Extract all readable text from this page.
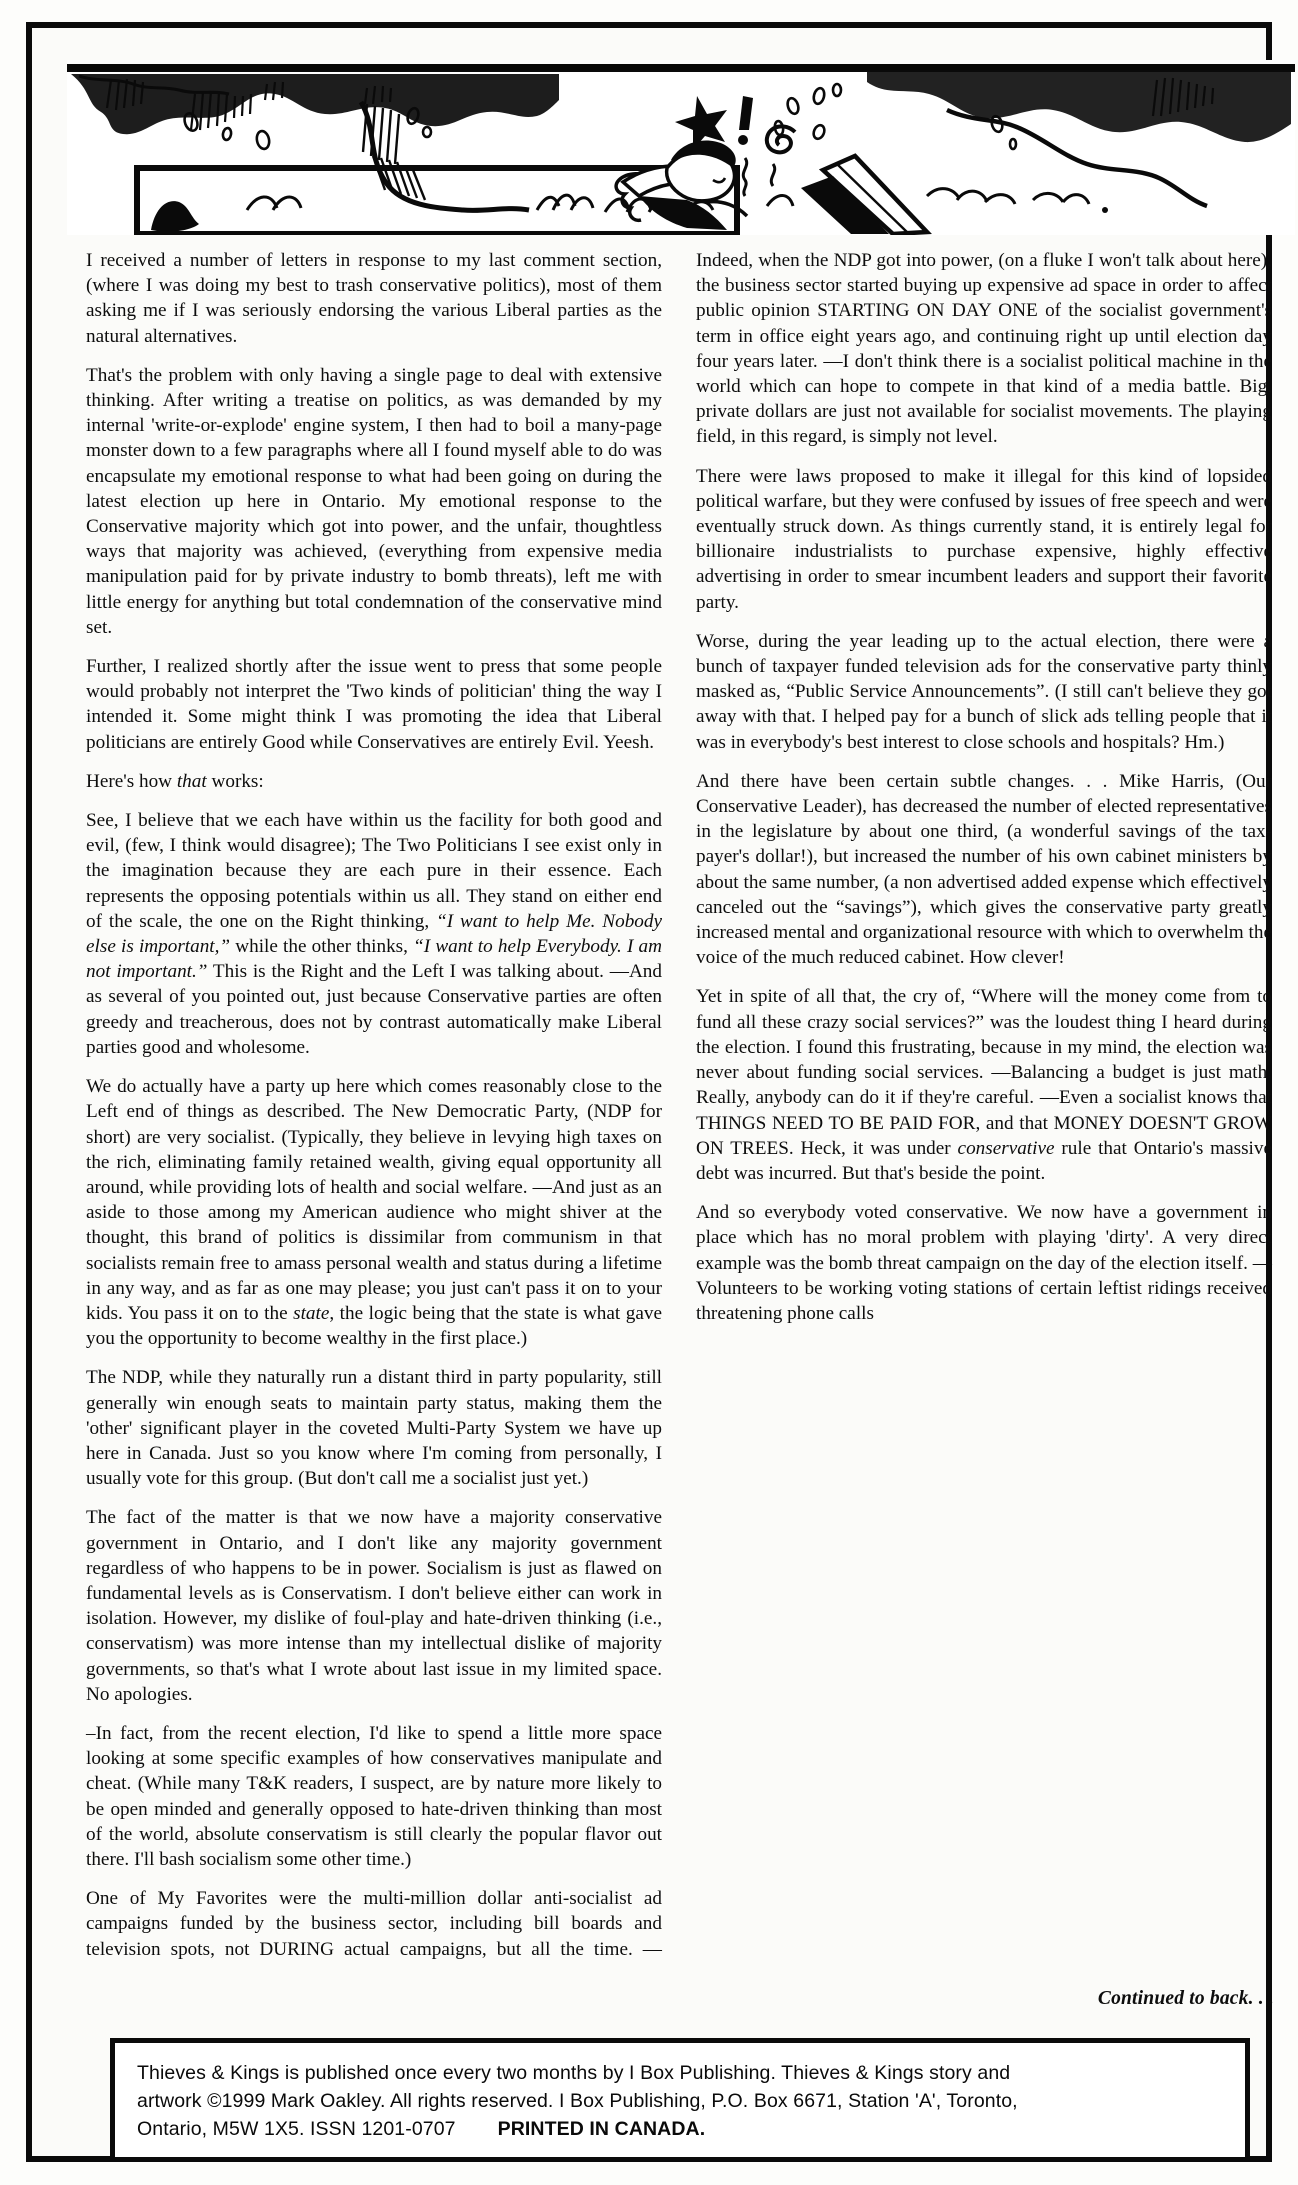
I received a number of letters in response to my last comment section, (where I was doing my best to trash conservative politics), most of them asking me if I was seriously endorsing the various Liberal parties as the natural alternatives.

That's the problem with only having a single page to deal with extensive thinking. After writing a treatise on politics, as was demanded by my internal 'write-or-explode' engine system, I then had to boil a many-page monster down to a few paragraphs where all I found myself able to do was encapsulate my emotional response to what had been going on during the latest election up here in Ontario. My emotional response to the Conservative majority which got into power, and the unfair, thoughtless ways that majority was achieved, (everything from expensive media manipulation paid for by private industry to bomb threats), left me with little energy for anything but total condemnation of the conservative mind set.

Further, I realized shortly after the issue went to press that some people would probably not interpret the 'Two kinds of politician' thing the way I intended it. Some might think I was promoting the idea that Liberal politicians are entirely Good while Conservatives are entirely Evil. Yeesh.

Here's how that works:

See, I believe that we each have within us the facility for both good and evil, (few, I think would disagree); The Two Politicians I see exist only in the imagination because they are each pure in their essence. Each represents the opposing potentials within us all. They stand on either end of the scale, the one on the Right thinking, “I want to help Me. Nobody else is important,” while the other thinks, “I want to help Everybody. I am not important.” This is the Right and the Left I was talking about. —And as several of you pointed out, just because Conservative parties are often greedy and treacherous, does not by contrast automatically make Liberal parties good and wholesome.

We do actually have a party up here which comes reasonably close to the Left end of things as described. The New Democratic Party, (NDP for short) are very socialist. (Typically, they believe in levying high taxes on the rich, eliminating family retained wealth, giving equal opportunity all around, while providing lots of health and social welfare. —And just as an aside to those among my American audience who might shiver at the thought, this brand of politics is dissimilar from communism in that socialists remain free to amass personal wealth and status during a lifetime in any way, and as far as one may please; you just can't pass it on to your kids. You pass it on to the state, the logic being that the state is what gave you the opportunity to become wealthy in the first place.)

The NDP, while they naturally run a distant third in party popularity, still generally win enough seats to maintain party status, making them the 'other' significant player in the coveted Multi-Party System we have up here in Canada. Just so you know where I'm coming from personally, I usually vote for this group. (But don't call me a socialist just yet.)

The fact of the matter is that we now have a majority conservative government in Ontario, and I don't like any majority government regardless of who happens to be in power. Socialism is just as flawed on fundamental levels as is Conservatism. I don't believe either can work in isolation. However, my dislike of foul-play and hate-driven thinking (i.e., conservatism) was more intense than my intellectual dislike of majority governments, so that's what I wrote about last issue in my limited space. No apologies.

–In fact, from the recent election, I'd like to spend a little more space looking at some specific examples of how conservatives manipulate and cheat. (While many T&K readers, I suspect, are by nature more likely to be open minded and generally opposed to hate-driven thinking than most of the world, absolute conservatism is still clearly the popular flavor out there. I'll bash socialism some other time.)

One of My Favorites were the multi-million dollar anti-socialist ad campaigns funded by the business sector, including bill boards and television spots, not DURING actual campaigns, but all the time. —Indeed, when the NDP got into power, (on a fluke I won't talk about here), the business sector started buying up expensive ad space in order to affect public opinion STARTING ON DAY ONE of the socialist government's term in office eight years ago, and continuing right up until election day four years later. —I don't think there is a socialist political machine in the world which can hope to compete in that kind of a media battle. Big, private dollars are just not available for socialist movements. The playing field, in this regard, is simply not level.

There were laws proposed to make it illegal for this kind of lopsided political warfare, but they were confused by issues of free speech and were eventually struck down. As things currently stand, it is entirely legal for billionaire industrialists to purchase expensive, highly effective advertising in order to smear incumbent leaders and support their favorite party.

Worse, during the year leading up to the actual election, there were a bunch of taxpayer funded television ads for the conservative party thinly masked as, “Public Service Announcements”. (I still can't believe they got away with that. I helped pay for a bunch of slick ads telling people that it was in everybody's best interest to close schools and hospitals? Hm.)

And there have been certain subtle changes. . . Mike Harris, (Our Conservative Leader), has decreased the number of elected representatives in the legislature by about one third, (a wonderful savings of the tax-payer's dollar!), but increased the number of his own cabinet ministers by about the same number, (a non advertised added expense which effectively canceled out the “savings”), which gives the conservative party greatly increased mental and organizational resource with which to overwhelm the voice of the much reduced cabinet. How clever!

Yet in spite of all that, the cry of, “Where will the money come from to fund all these crazy social services?” was the loudest thing I heard during the election. I found this frustrating, because in my mind, the election was never about funding social services. —Balancing a budget is just math. Really, anybody can do it if they're careful. —Even a socialist knows that THINGS NEED TO BE PAID FOR, and that MONEY DOESN'T GROW ON TREES. Heck, it was under conservative rule that Ontario's massive debt was incurred. But that's beside the point.

And so everybody voted conservative. We now have a government in place which has no moral problem with playing 'dirty'. A very direct example was the bomb threat campaign on the day of the election itself. —Volunteers to be working voting stations of certain leftist ridings received threatening phone calls

Continued to back. . .

Thieves & Kings is published once every two months by I Box Publishing. Thieves & Kings story and

artwork ©1999 Mark Oakley. All rights reserved. I Box Publishing, P.O. Box 6671, Station 'A', Toronto,

Ontario, M5W 1X5. ISSN 1201-0707 PRINTED IN CANADA.
